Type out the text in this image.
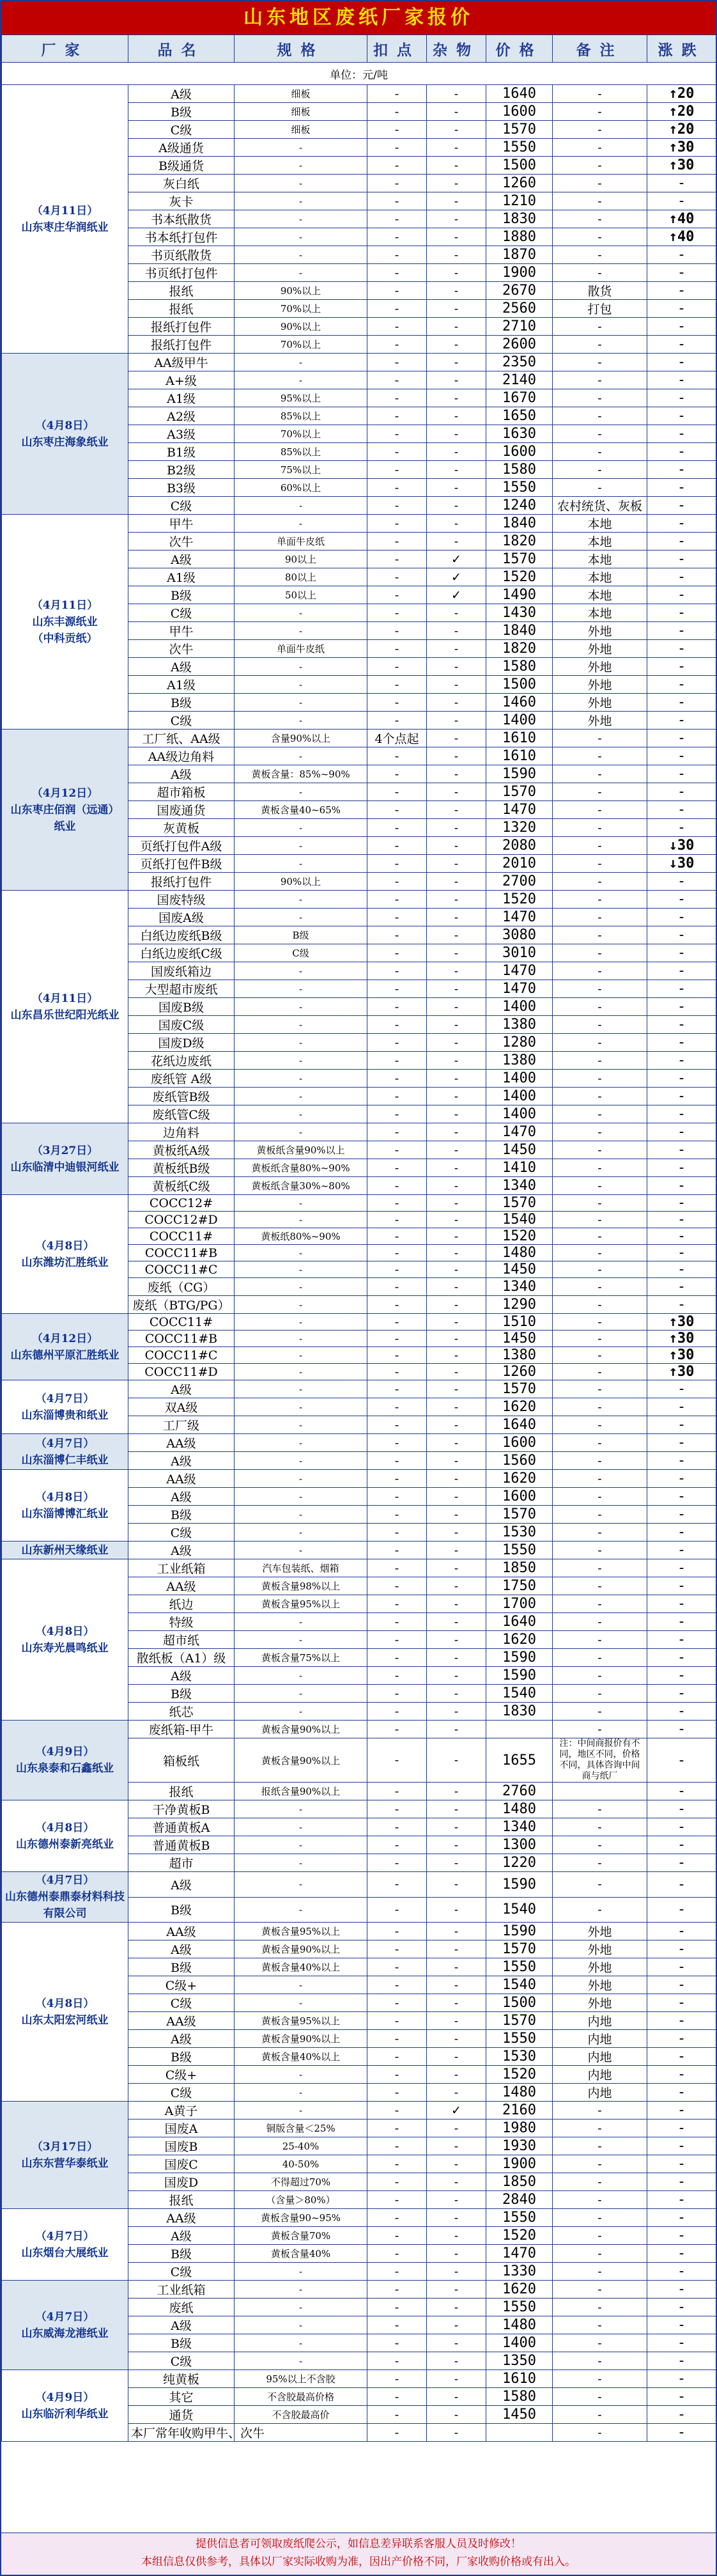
山东地区废纸厂家报价
厂家	品名	规格	扣点	杂物	价格	备注	涨跌
单位：元/吨							
（4月11日）
山东枣庄华润纸业	A级	细板	-	-	1640	-	↑20
	B级	细板	-	-	1600	-	↑20
	C级	细板	-	-	1570	-	↑20
	A级通货	-	-	-	1550	-	↑30
	B级通货	-	-	-	1500	-	↑30
	灰白纸	-	-	-	1260	-	-
	灰卡	-	-	-	1210	-	-
	书本纸散货	-	-	-	1830	-	↑40
	书本纸打包件	-	-	-	1880	-	↑40
	书页纸散货	-	-	-	1870	-	-
	书页纸打包件	-	-	-	1900	-	-
	报纸	90%以上	-	-	2670	散货	-
	报纸	70%以上	-	-	2560	打包	-
	报纸打包件	90%以上	-	-	2710	-	-
	报纸打包件	70%以上	-	-	2600	-	-
（4月8日）
山东枣庄海象纸业	AA级甲牛	-	-	-	2350	-	-
	A+级	-	-	-	2140	-	-
	A1级	95%以上	-	-	1670	-	-
	A2级	85%以上	-	-	1650	-	-
	A3级	70%以上	-	-	1630	-	-
	B1级	85%以上	-	-	1600	-	-
	B2级	75%以上	-	-	1580	-	-
	B3级	60%以上	-	-	1550	-	-
	C级	-	-	-	1240	农村统货、灰板	-
（4月11日）
山东丰源纸业
（中科贡纸）	甲牛	-	-	-	1840	本地	-
	次牛	单面牛皮纸	-	-	1820	本地	-
	A级	90以上	-	✓	1570	本地	-
	A1级	80以上	-	✓	1520	本地	-
	B级	50以上	-	✓	1490	本地	-
	C级	-	-	-	1430	本地	-
	甲牛	-	-	-	1840	外地	-
	次牛	单面牛皮纸	-	-	1820	外地	-
	A级	-	-	-	1580	外地	-
	A1级	-	-	-	1500	外地	-
	B级	-	-	-	1460	外地	-
	C级	-	-	-	1400	外地	-
（4月12日）
山东枣庄佰润（远通）
纸业	工厂纸、AA级	含量90%以上	4个点起	-	1610	-	-
	AA级边角料	-	-	-	1610	-	-
	A级	黄板含量：85%~90%	-	-	1590	-	-
	超市箱板	-	-	-	1570	-	-
	国废通货	黄板含量40~65%	-	-	1470	-	-
	灰黄板	-	-	-	1320	-	-
	页纸打包件A级	-	-	-	2080	-	↓30
	页纸打包件B级	-	-	-	2010	-	↓30
	报纸打包件	90%以上	-	-	2700	-	-
（4月11日）
山东昌乐世纪阳光纸业	国废特级	-	-	-	1520	-	-
	国废A级	-	-	-	1470	-	-
	白纸边废纸B级	B级	-	-	3080	-	-
	白纸边废纸C级	C级	-	-	3010	-	-
	国废纸箱边	-	-	-	1470	-	-
	大型超市废纸	-	-	-	1470	-	-
	国废B级	-	-	-	1400	-	-
	国废C级	-	-	-	1380	-	-
	国废D级	-	-	-	1280	-	-
	花纸边废纸	-	-	-	1380	-	-
	废纸管 A级	-	-	-	1400	-	-
	废纸管B级	-	-	-	1400	-	-
	废纸管C级	-	-	-	1400	-	-
（3月27日）
山东临清中迪银河纸业	边角料	-	-	-	1470	-	-
	黄板纸A级	黄板纸含量90%以上	-	-	1450	-	-
	黄板纸B级	黄板纸含量80%~90%	-	-	1410	-	-
	黄板纸C级	黄板纸含量30%~80%	-	-	1340	-	-
（4月8日）
山东潍坊汇胜纸业	COCC12#	-	-	-	1570	-	-
	COCC12#D	-	-	-	1540	-	-
	COCC11#	黄板纸80%~90%	-	-	1520	-	-
	COCC11#B	-	-	-	1480	-	-
	COCC11#C	-	-	-	1450	-	-
	废纸（CG）	-	-	-	1340	-	-
	废纸（BTG/PG）	-	-	-	1290	-	-
（4月12日）
山东德州平原汇胜纸业	COCC11#	-	-	-	1510	-	↑30
	COCC11#B	-	-	-	1450	-	↑30
	COCC11#C	-	-	-	1380	-	↑30
	COCC11#D	-	-	-	1260	-	↑30
（4月7日）
山东淄博贵和纸业	A级	-	-	-	1570	-	-
	双A级	-	-	-	1620	-	-
	工厂级	-	-	-	1640	-	-
（4月7日）
山东淄博仁丰纸业	AA级	-	-	-	1600	-	-
	A级	-	-	-	1560	-	-
（4月8日）
山东淄博博汇纸业	AA级	-	-	-	1620	-	-
	A级	-	-	-	1600	-	-
	B级	-	-	-	1570	-	-
	C级	-	-	-	1530	-	-
山东新州天缘纸业	A级	-	-	-	1550	-	-
（4月8日）
山东寿光晨鸣纸业	工业纸箱	汽车包装纸、烟箱	-	-	1850	-	-
	AA级	黄板含量98%以上	-	-	1750	-	-
	纸边	黄板含量95%以上	-	-	1700	-	-
	特级	-	-	-	1640	-	-
	超市纸	-	-	-	1620	-	-
	散纸板（A1）级	黄板含量75%以上	-	-	1590	-	-
	A级	-	-	-	1590	-	-
	B级	-	-	-	1540	-	-
	纸芯	-	-	-	1830	-	-
（4月9日）
山东泉泰和石鑫纸业	废纸箱-甲牛	黄板含量90%以上	-	-		-	-
	箱板纸	黄板含量90%以上	-	-	1655	注：中间商报价有不同，地区不同，价格不同，具体咨询中间商与纸厂	-
	报纸	报纸含量90%以上	-	-	2760		-
（4月8日）
山东德州泰新亮纸业	干净黄板B	-	-	-	1480	-	-
	普通黄板A	-	-	-	1340	-	-
	普通黄板B	-	-	-	1300	-	-
	超市	-	-	-	1220	-	-
（4月7日）
山东德州泰鼎泰材料科技有限公司	A级	-	-	-	1590	-	-
	B级	-	-	-	1540	-	-
（4月8日）
山东太阳宏河纸业	AA级	黄板含量95%以上	-	-	1590	外地	-
	A级	黄板含量90%以上	-	-	1570	外地	-
	B级	黄板含量40%以上	-	-	1550	外地	-
	C级+	-	-	-	1540	外地	-
	C级	-	-	-	1500	外地	-
	AA级	黄板含量95%以上	-	-	1570	内地	-
	A级	黄板含量90%以上	-	-	1550	内地	-
	B级	黄板含量40%以上	-	-	1530	内地	-
	C级+	-	-	-	1520	内地	-
	C级	-	-	-	1480	内地	-
（3月17日）
山东东营华泰纸业	A黄子	-	-	✓	2160	-	-
	国废A	铜版含量＜25%	-	-	1980	-	-
	国废B	25-40%	-	-	1930	-	-
	国废C	40-50%	-	-	1900	-	-
	国废D	不得超过70%	-	-	1850	-	-
	报纸	（含量＞80%）	-	-	2840	-	-
（4月7日）
山东烟台大展纸业	AA级	黄板含量90~95%	-	-	1550	-	-
	A级	黄板含量70%	-	-	1520	-	-
	B级	黄板含量40%	-	-	1470	-	-
	C级	-	-	-	1330	-	-
（4月7日）
山东威海龙港纸业	工业纸箱	-	-	-	1620	-	-
	废纸	-	-	-	1550	-	-
	A级	-	-	-	1480	-	-
	B级	-	-	-	1400	-	-
	C级	-	-	-	1350	-	-
（4月9日）
山东临沂利华纸业	纯黄板	95%以上不含胶	-	-	1610	-	-
	其它	不含胶最高价格	-	-	1580	-	-
	通货	不含胶最高价	-	-	1450	-	-
	本厂常年收购甲牛、次牛		-	-		-	-
提供信息者可领取废纸爬公示，如信息差异联系客服人员及时修改！
本组信息仅供参考，具体以厂家实际收购为准，因出产价格不同，厂家收购价格或有出入。
